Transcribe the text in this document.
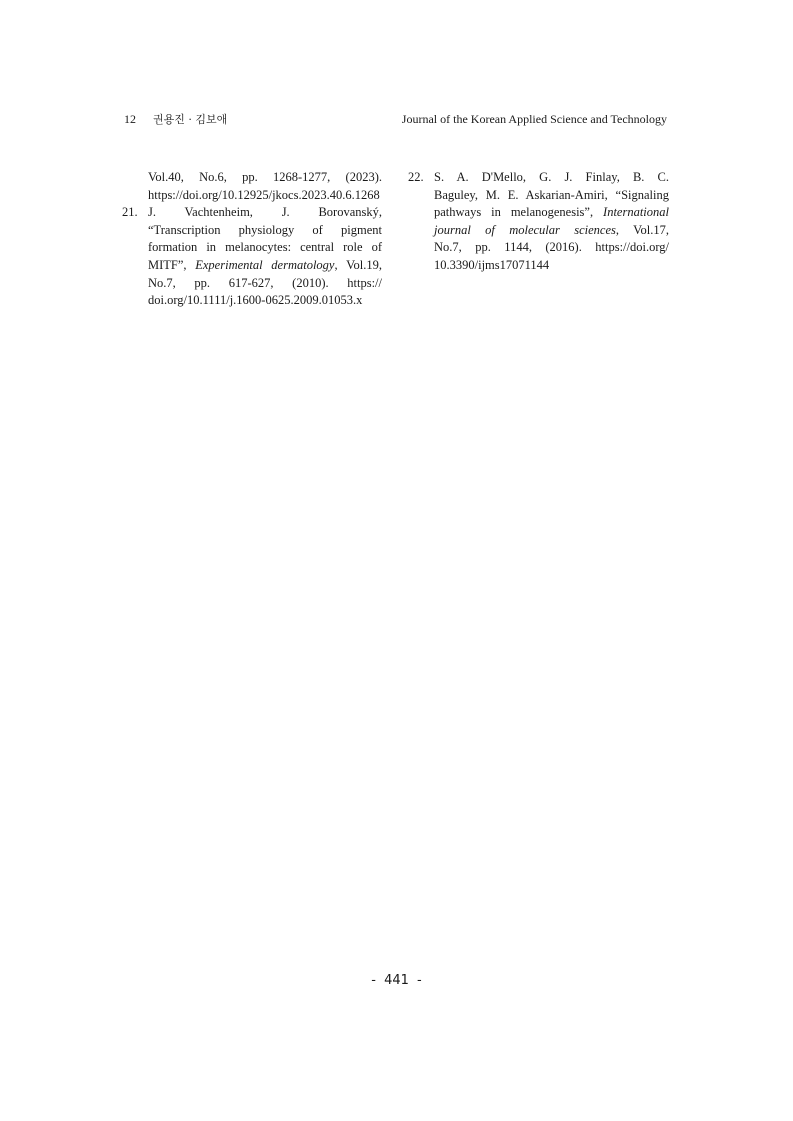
12 권용진 · 김보애	Journal of the Korean Applied Science and Technology
Vol.40, No.6, pp. 1268-1277, (2023).
https://doi.org/10.12925/jkocs.2023.40.6.1268
21. J. Vachtenheim, J. Borovanský,
“Transcription physiology of pigment
formation in melanocytes: central role of
MITF”, Experimental dermatology, Vol.19,
No.7, pp. 617-627, (2010). https://
doi.org/10.1111/j.1600-0625.2009.01053.x
22. S. A. D'Mello, G. J. Finlay, B. C.
Baguley, M. E. Askarian-Amiri, “Signaling
pathways in melanogenesis”, International
journal of molecular sciences, Vol.17,
No.7, pp. 1144, (2016). https://doi.org/
10.3390/ijms17071144
- 441 -
